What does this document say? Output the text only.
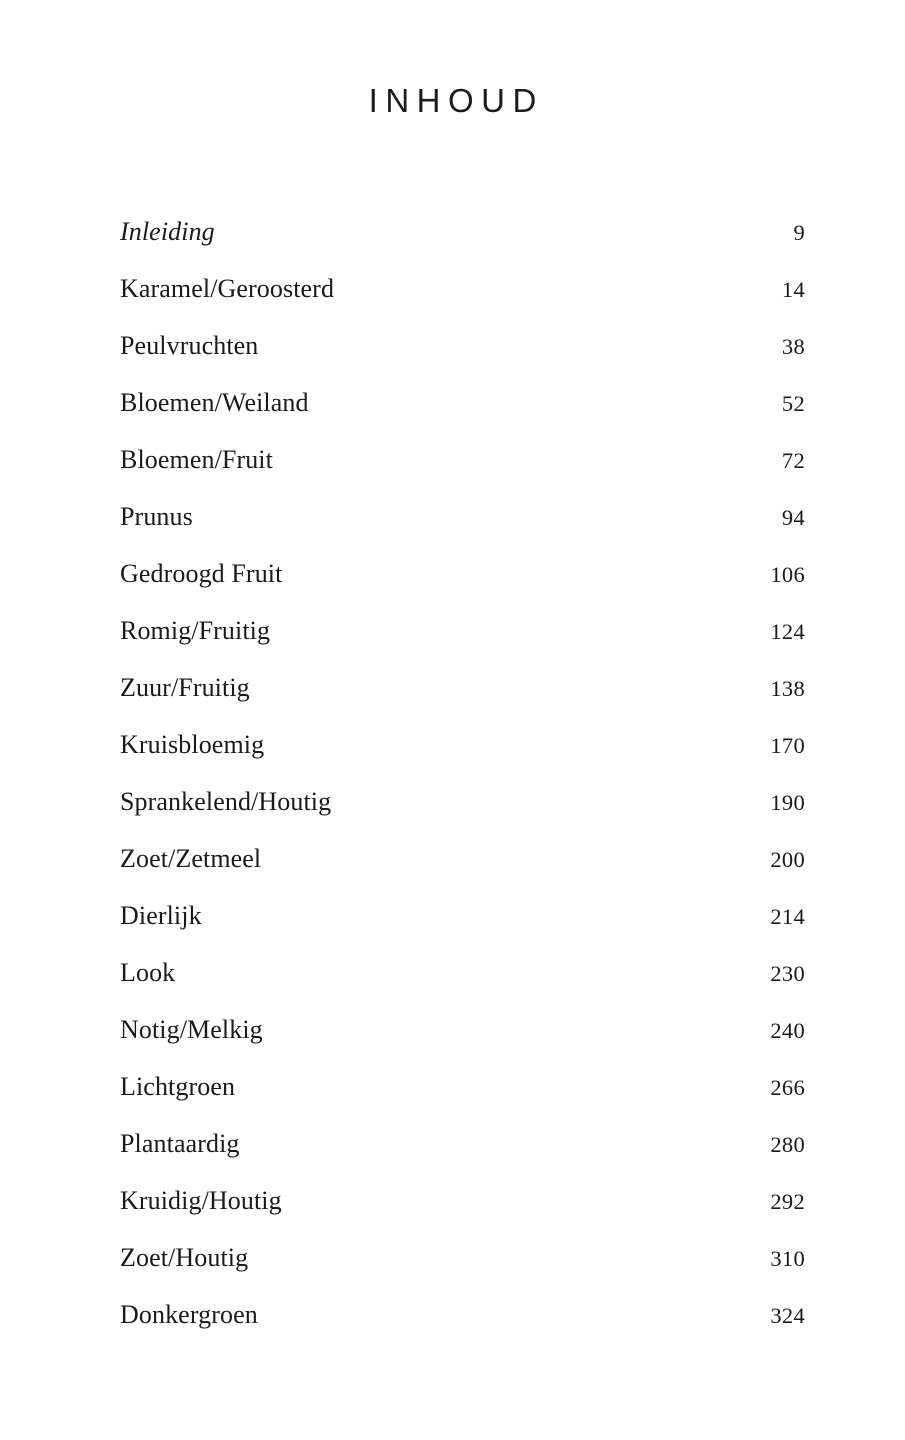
INHOUD
Inleiding	9
Karamel/Geroosterd	14
Peulvruchten	38
Bloemen/Weiland	52
Bloemen/Fruit	72
Prunus	94
Gedroogd Fruit	106
Romig/Fruitig	124
Zuur/Fruitig	138
Kruisbloemig	170
Sprankelend/Houtig	190
Zoet/Zetmeel	200
Dierlijk	214
Look	230
Notig/Melkig	240
Lichtgroen	266
Plantaardig	280
Kruidig/Houtig	292
Zoet/Houtig	310
Donkergroen	324
